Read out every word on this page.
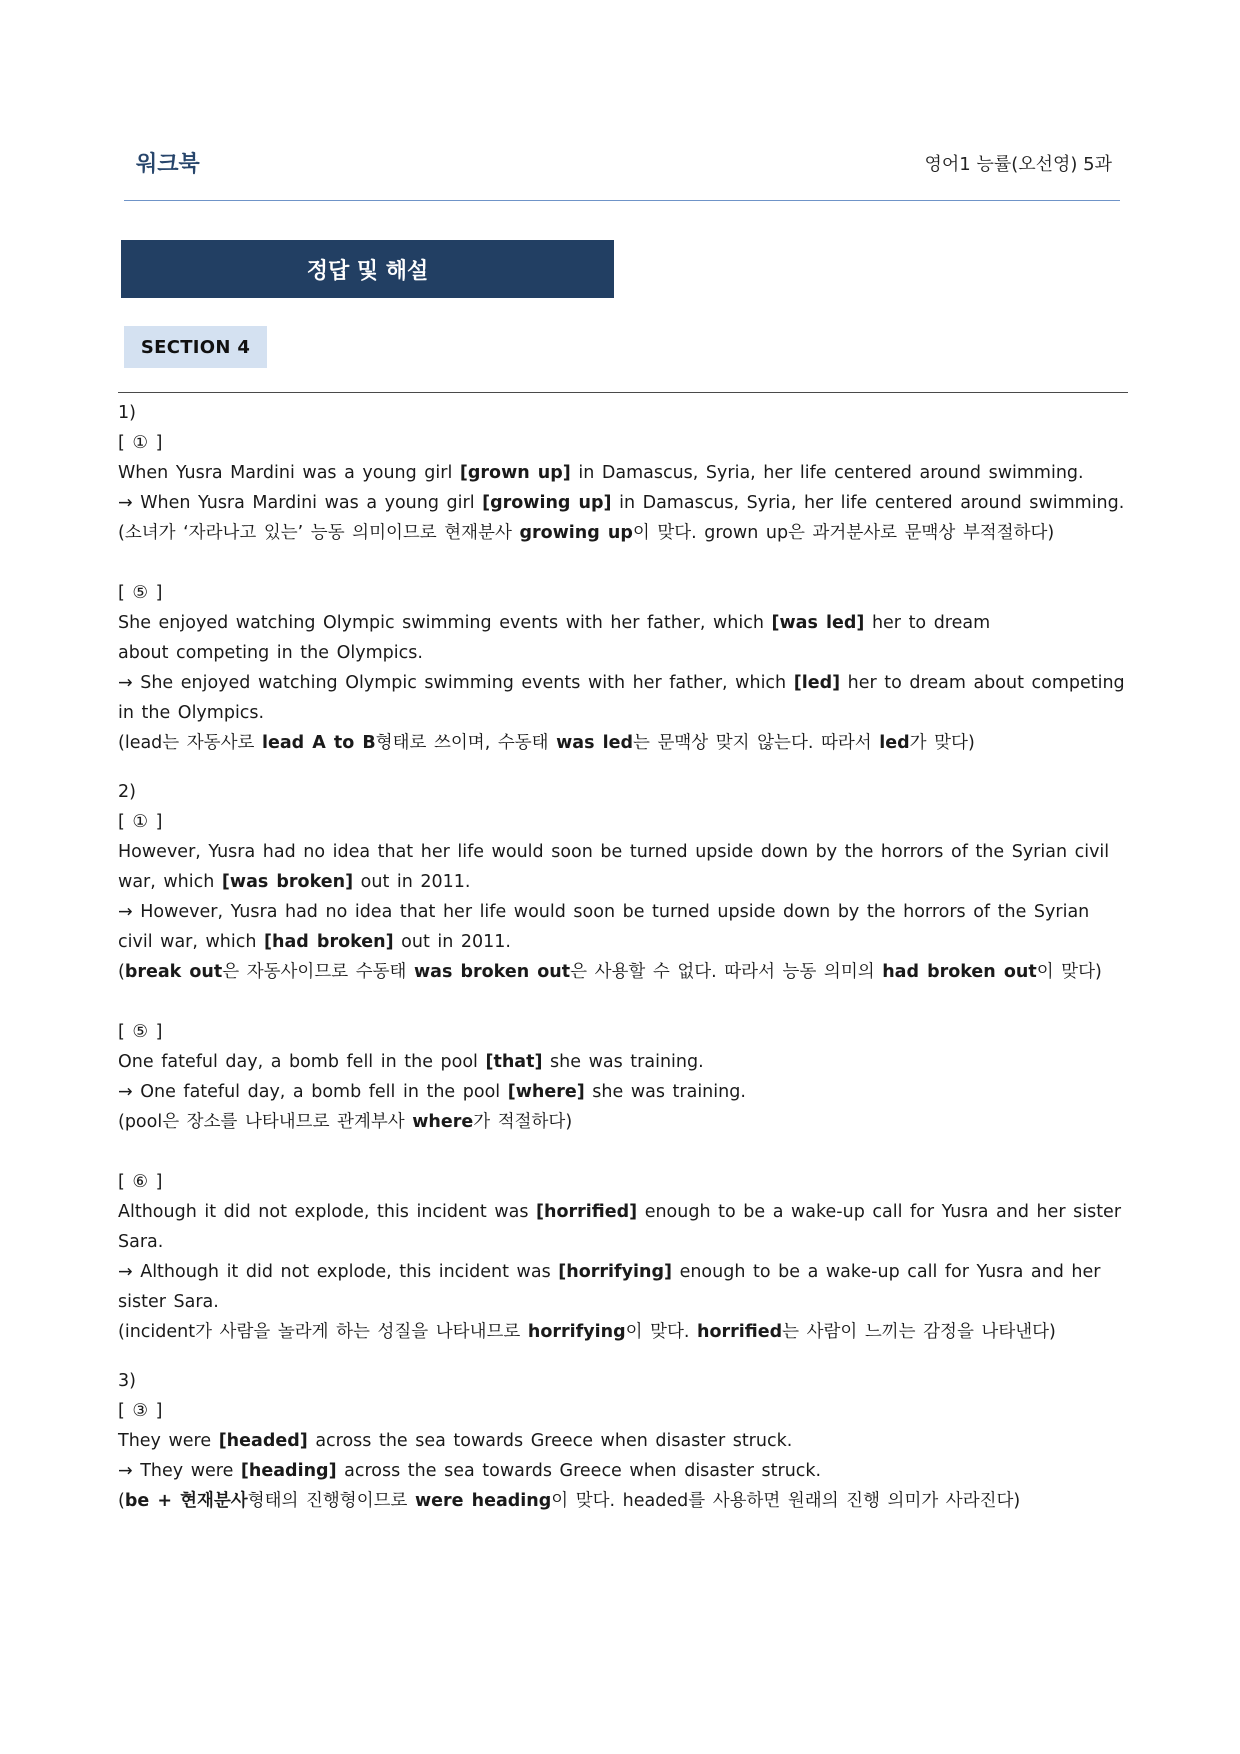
워크북	영어1 능률(오선영) 5과
정답 및 해설
SECTION 4

1)

[ ① ]

When Yusra Mardini was a young girl [grown up] in Damascus, Syria, her life centered around swimming.

→ When Yusra Mardini was a young girl [growing up] in Damascus, Syria, her life centered around swimming.

(소녀가 ‘자라나고 있는’ 능동 의미이므로 현재분사 growing up이 맞다. grown up은 과거분사로 문맥상 부적절하다)

[ ⑤ ]

She enjoyed watching Olympic swimming events with her father, which [was led] her to dream about competing in the Olympics.

→ She enjoyed watching Olympic swimming events with her father, which [led] her to dream about competing in the Olympics.

(lead는 자동사로 lead A to B형태로 쓰이며, 수동태 was led는 문맥상 맞지 않는다. 따라서 led가 맞다)

2)

[ ① ]

However, Yusra had no idea that her life would soon be turned upside down by the horrors of the Syrian civil war, which [was broken] out in 2011.

→ However, Yusra had no idea that her life would soon be turned upside down by the horrors of the Syrian civil war, which [had broken] out in 2011.

(break out은 자동사이므로 수동태 was broken out은 사용할 수 없다. 따라서 능동 의미의 had broken out이 맞다)

[ ⑤ ]

One fateful day, a bomb fell in the pool [that] she was training.

→ One fateful day, a bomb fell in the pool [where] she was training.

(pool은 장소를 나타내므로 관계부사 where가 적절하다)

[ ⑥ ]

Although it did not explode, this incident was [horrified] enough to be a wake-up call for Yusra and her sister Sara.

→ Although it did not explode, this incident was [horrifying] enough to be a wake-up call for Yusra and her sister Sara.

(incident가 사람을 놀라게 하는 성질을 나타내므로 horrifying이 맞다. horrified는 사람이 느끼는 감정을 나타낸다)

3)

[ ③ ]

They were [headed] across the sea towards Greece when disaster struck.

→ They were [heading] across the sea towards Greece when disaster struck.

(be + 현재분사형태의 진행형이므로 were heading이 맞다. headed를 사용하면 원래의 진행 의미가 사라진다)
